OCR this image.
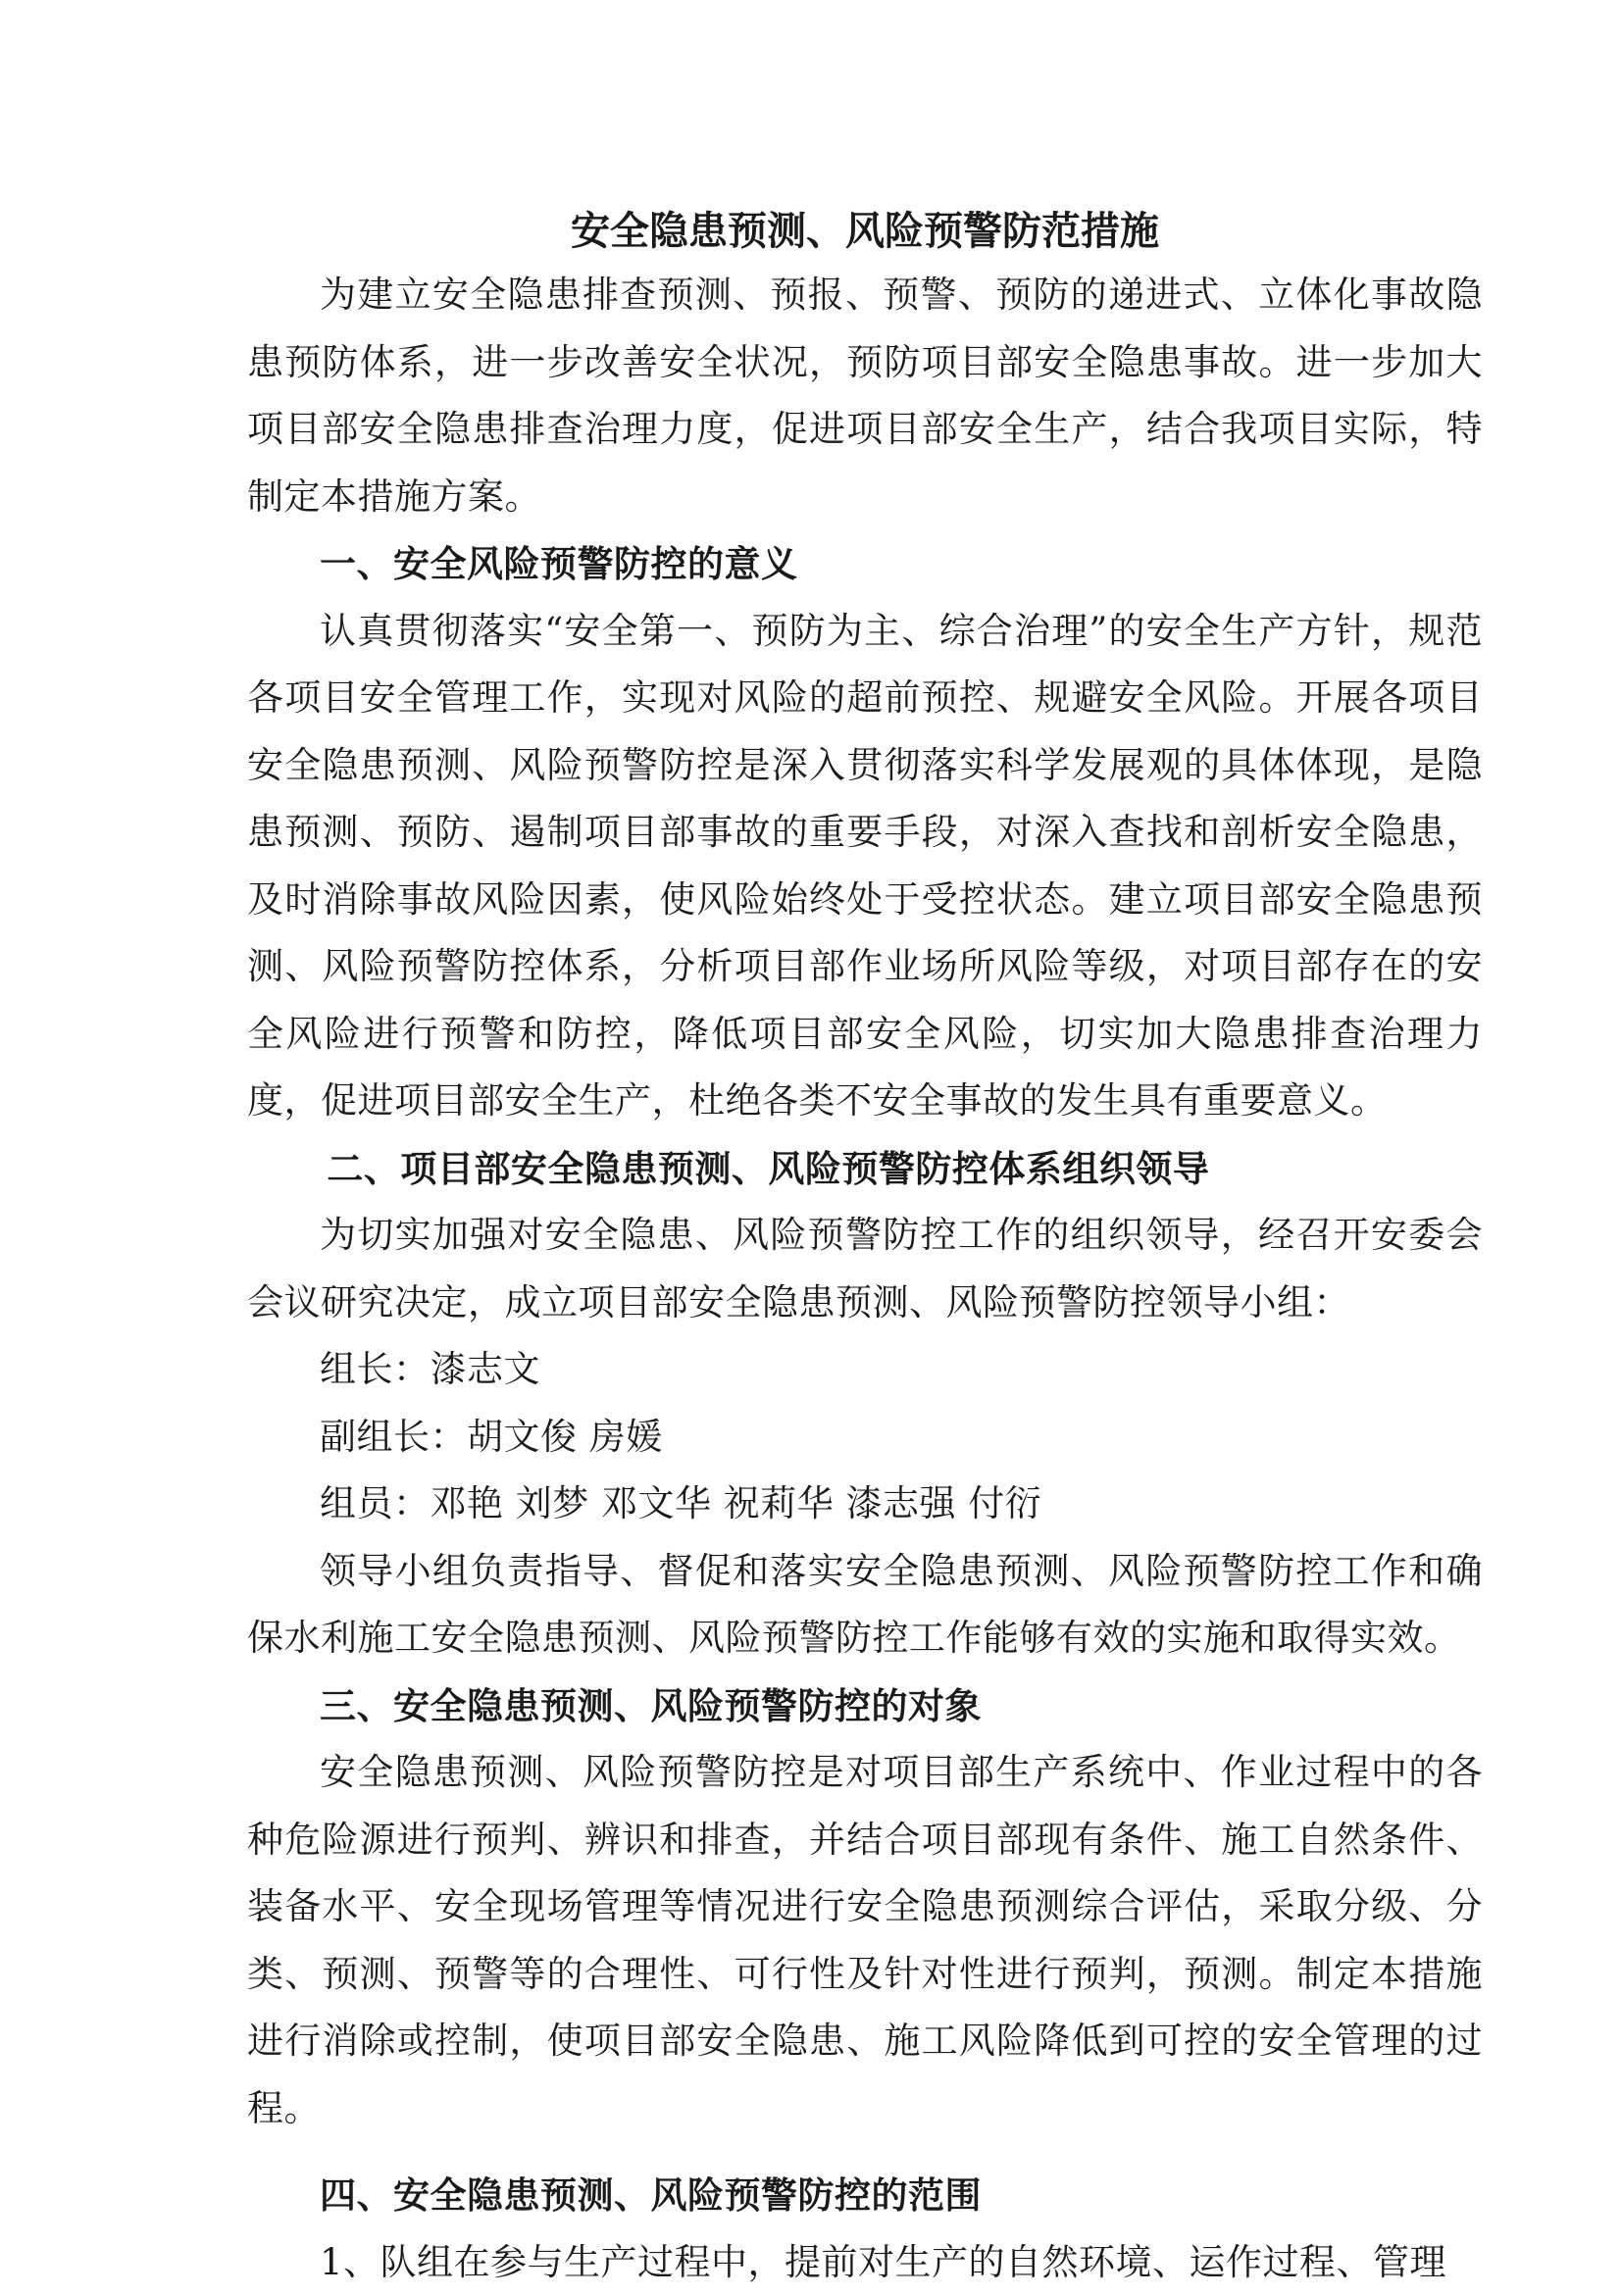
安全隐患预测、风险预警防范措施

为建立安全隐患排查预测、预报、预警、预防的递进式、立体化事故隐患预防体系，进一步改善安全状况，预防项目部安全隐患事故。进一步加大项目部安全隐患排查治理力度，促进项目部安全生产，结合我项目实际，特制定本措施方案。

一、安全风险预警防控的意义

认真贯彻落实“安全第一、预防为主、综合治理”的安全生产方针，规范各项目安全管理工作，实现对风险的超前预控、规避安全风险。开展各项目安全隐患预测、风险预警防控是深入贯彻落实科学发展观的具体体现，是隐患预测、预防、遏制项目部事故的重要手段，对深入查找和剖析安全隐患，及时消除事故风险因素，使风险始终处于受控状态。建立项目部安全隐患预测、风险预警防控体系，分析项目部作业场所风险等级，对项目部存在的安全风险进行预警和防控，降低项目部安全风险，切实加大隐患排查治理力度，促进项目部安全生产，杜绝各类不安全事故的发生具有重要意义。

二、项目部安全隐患预测、风险预警防控体系组织领导

为切实加强对安全隐患、风险预警防控工作的组织领导，经召开安委会会议研究决定，成立项目部安全隐患预测、风险预警防控领导小组：

组长：漆志文

副组长：胡文俊 房媛

组员：邓艳 刘梦 邓文华 祝莉华 漆志强 付衍

领导小组负责指导、督促和落实安全隐患预测、风险预警防控工作和确保水利施工安全隐患预测、风险预警防控工作能够有效的实施和取得实效。

三、安全隐患预测、风险预警防控的对象

安全隐患预测、风险预警防控是对项目部生产系统中、作业过程中的各种危险源进行预判、辨识和排查，并结合项目部现有条件、施工自然条件、装备水平、安全现场管理等情况进行安全隐患预测综合评估，采取分级、分类、预测、预警等的合理性、可行性及针对性进行预判，预测。制定本措施进行消除或控制，使项目部安全隐患、施工风险降低到可控的安全管理的过程。

四、安全隐患预测、风险预警防控的范围

1、队组在参与生产过程中，提前对生产的自然环境、运作过程、管理
